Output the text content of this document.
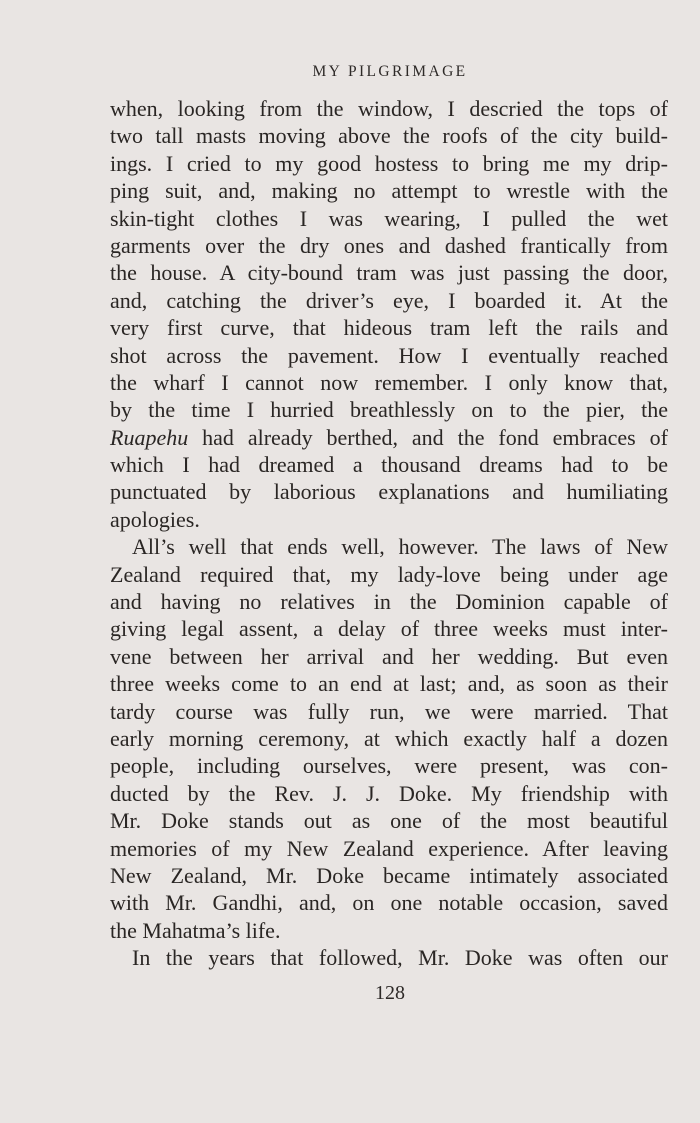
MY PILGRIMAGE
when, looking from the window, I descried the tops of
two tall masts moving above the roofs of the city build-
ings. I cried to my good hostess to bring me my drip-
ping suit, and, making no attempt to wrestle with the
skin-tight clothes I was wearing, I pulled the wet
garments over the dry ones and dashed frantically from
the house. A city-bound tram was just passing the door,
and, catching the driver’s eye, I boarded it. At the
very first curve, that hideous tram left the rails and
shot across the pavement. How I eventually reached
the wharf I cannot now remember. I only know that,
by the time I hurried breathlessly on to the pier, the
Ruapehu had already berthed, and the fond embraces of
which I had dreamed a thousand dreams had to be
punctuated by laborious explanations and humiliating
apologies.
All’s well that ends well, however. The laws of New
Zealand required that, my lady-love being under age
and having no relatives in the Dominion capable of
giving legal assent, a delay of three weeks must inter-
vene between her arrival and her wedding. But even
three weeks come to an end at last; and, as soon as their
tardy course was fully run, we were married. That
early morning ceremony, at which exactly half a dozen
people, including ourselves, were present, was con-
ducted by the Rev. J. J. Doke. My friendship with
Mr. Doke stands out as one of the most beautiful
memories of my New Zealand experience. After leaving
New Zealand, Mr. Doke became intimately associated
with Mr. Gandhi, and, on one notable occasion, saved
the Mahatma’s life.
In the years that followed, Mr. Doke was often our
128
